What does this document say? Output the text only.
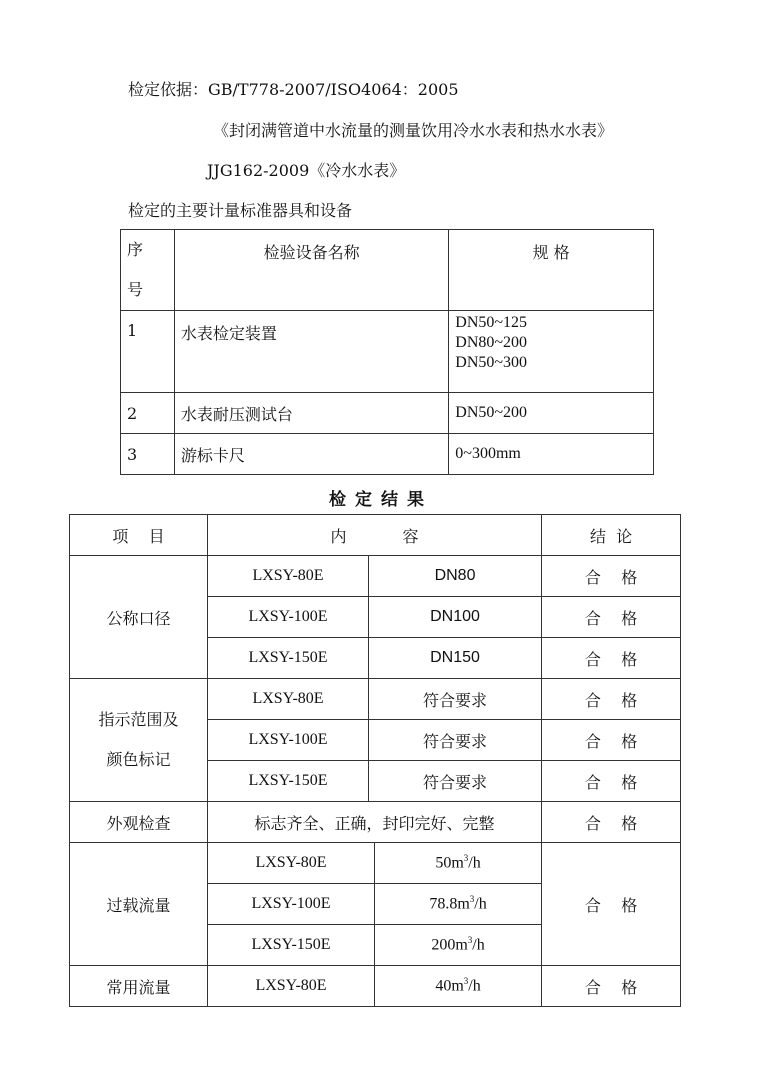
检定依据：GB/T778-2007/ISO4064：2005
《封闭满管道中水流量的测量饮用冷水水表和热水水表》
JJG162-2009《冷水水表》
检定的主要计量标准器具和设备
序
号	检验设备名称	规 格
1	水表检定装置	DN50~125
DN80~200
DN50~300

2	水表耐压测试台	DN50~200
3	游标卡尺	0~300mm
检定结果
项    目	内           容			结  论
公称口径	LXSY-80E	DN80		合    格
	LXSY-100E	DN100		合    格
	LXSY-150E	DN150		合    格

指示范围及
颜色标记	LXSY-80E	符合要求		合    格
	LXSY-100E	符合要求		合    格
	LXSY-150E	符合要求		合    格
外观检查	标志齐全、正确，封印完好、完整			合    格
过载流量	LXSY-80E		$50m^3/h$	合    格
	LXSY-100E		$78.8m^3/h$	
	LXSY-150E		$200m^3/h$	
常用流量	LXSY-80E		$40m^3/h$	合    格
